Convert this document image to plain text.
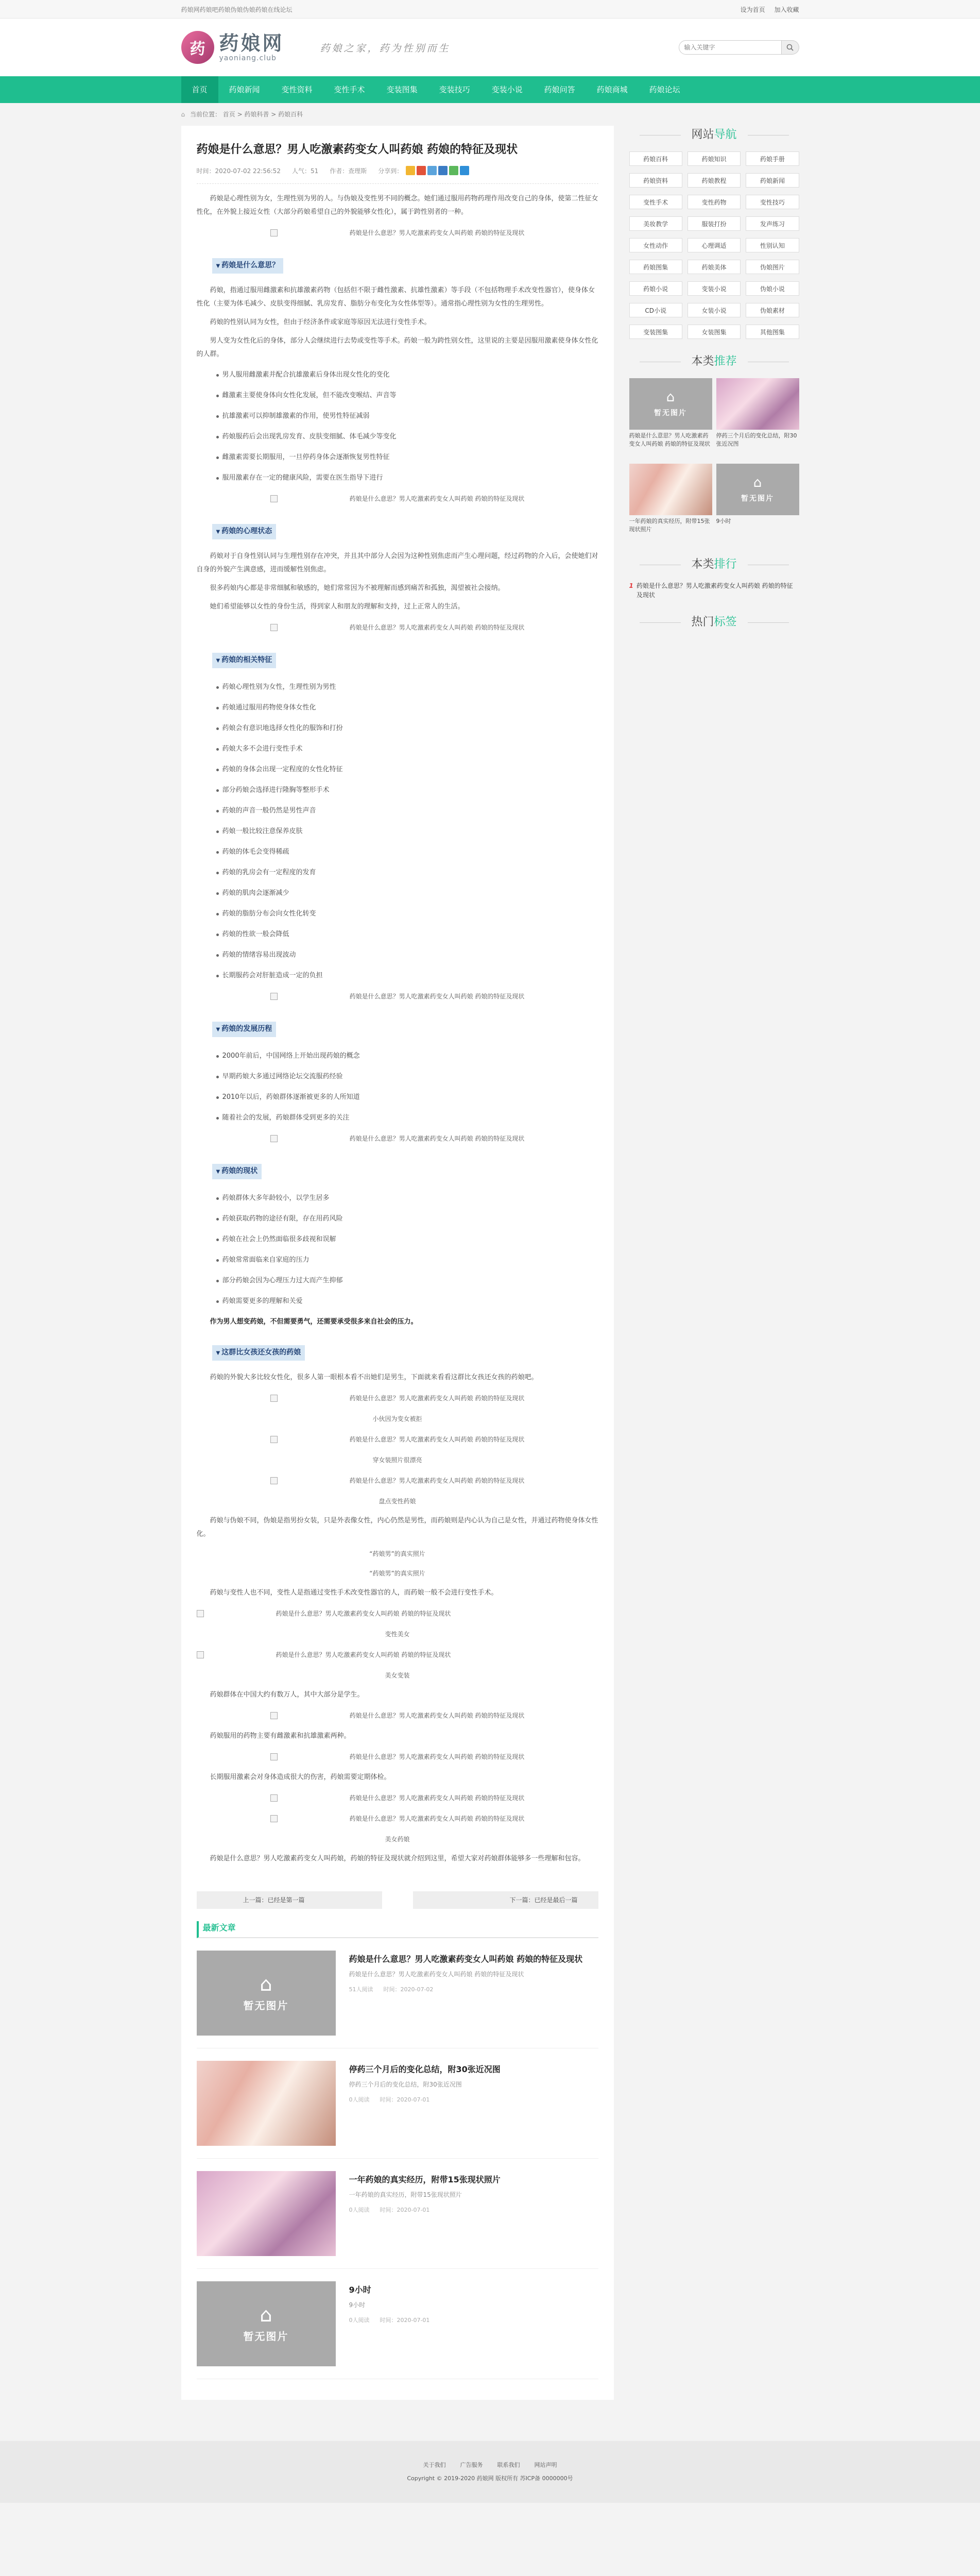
药娘网药娘吧药娘伪娘伪娘药娘在线论坛	设为首页 加入收藏
药 药娘网
yaoniang.club
药娘之家，药为性别而生
输入关键字
首页	药娘新闻	变性资料	变性手术	变装图集	变装技巧	变装小说	药娘问答	药娘商城	药娘论坛
⌂ 当前位置： 首页 > 药娘科普 > 药娘百科
药娘是什么意思？男人吃激素药变女人叫药娘 药娘的特征及现状
时间：2020-07-02 22:56:52 人气：51 作者：查理斯 分享到：

药娘是心理性别为女，生理性别为男的人。与伪娘及变性男不同的概念。她们通过服用药物药理作用改变自己的身体，使第二性征女性化，在外貌上接近女性（大部分药娘希望自己的外貌能够女性化），属于跨性别者的一种。

药娘是什么意思？男人吃激素药变女人叫药娘 药娘的特征及现状
▼ 药娘是什么意思？

药娘，指通过服用雌激素和抗雄激素药物（包括但不限于雌性激素、抗雄性激素）等手段（不包括物理手术改变性器官），使身体女性化（主要为体毛减少、皮肤变得细腻、乳房发育、脂肪分布变化为女性体型等）。通常指心理性别为女性的生理男性。

药娘的性别认同为女性，但由于经济条件或家庭等原因无法进行变性手术。

男人变为女性化后的身体，部分人会继续进行去势或变性等手术。药娘一般为跨性别女性，这里说的主要是因服用激素使身体女性化的人群。

男人服用雌激素并配合抗雄激素后身体出现女性化的变化
雌激素主要使身体向女性化发展，但不能改变喉结、声音等
抗雄激素可以抑制雄激素的作用，使男性特征减弱
药娘服药后会出现乳房发育、皮肤变细腻、体毛减少等变化
雌激素需要长期服用，一旦停药身体会逐渐恢复男性特征
服用激素存在一定的健康风险，需要在医生指导下进行
药娘是什么意思？男人吃激素药变女人叫药娘 药娘的特征及现状
▼ 药娘的心理状态

药娘对于自身性别认同与生理性别存在冲突，并且其中部分人会因为这种性别焦虑而产生心理问题，经过药物的介入后，会使她们对自身的外貌产生满意感，进而缓解性别焦虑。

很多药娘内心都是非常细腻和敏感的，她们常常因为不被理解而感到痛苦和孤独，渴望被社会接纳。

她们希望能够以女性的身份生活，得到家人和朋友的理解和支持，过上正常人的生活。

药娘是什么意思？男人吃激素药变女人叫药娘 药娘的特征及现状
▼ 药娘的相关特征
药娘心理性别为女性，生理性别为男性
药娘通过服用药物使身体女性化
药娘会有意识地选择女性化的服饰和打扮
药娘大多不会进行变性手术
药娘的身体会出现一定程度的女性化特征
部分药娘会选择进行隆胸等整形手术
药娘的声音一般仍然是男性声音
药娘一般比较注意保养皮肤
药娘的体毛会变得稀疏
药娘的乳房会有一定程度的发育
药娘的肌肉会逐渐减少
药娘的脂肪分布会向女性化转变
药娘的性欲一般会降低
药娘的情绪容易出现波动
长期服药会对肝脏造成一定的负担
药娘是什么意思？男人吃激素药变女人叫药娘 药娘的特征及现状
▼ 药娘的发展历程
2000年前后，中国网络上开始出现药娘的概念
早期药娘大多通过网络论坛交流服药经验
2010年以后，药娘群体逐渐被更多的人所知道
随着社会的发展，药娘群体受到更多的关注
药娘是什么意思？男人吃激素药变女人叫药娘 药娘的特征及现状
▼ 药娘的现状
药娘群体大多年龄较小，以学生居多
药娘获取药物的途径有限，存在用药风险
药娘在社会上仍然面临很多歧视和误解
药娘常常面临来自家庭的压力
部分药娘会因为心理压力过大而产生抑郁
药娘需要更多的理解和关爱

作为男人想变药娘，不但需要勇气，还需要承受很多来自社会的压力。

▼ 这群比女孩还女孩的药娘

药娘的外貌大多比较女性化，很多人第一眼根本看不出她们是男生，下面就来看看这群比女孩还女孩的药娘吧。

药娘是什么意思？男人吃激素药变女人叫药娘 药娘的特征及现状
小伙因为变女被拒
药娘是什么意思？男人吃激素药变女人叫药娘 药娘的特征及现状
穿女装照片很漂亮
药娘是什么意思？男人吃激素药变女人叫药娘 药娘的特征及现状
盘点变性药娘

药娘与伪娘不同，伪娘是指男扮女装，只是外表像女性，内心仍然是男性，而药娘则是内心认为自己是女性，并通过药物使身体女性化。

“药娘男”的真实照片
“药娘男”的真实照片

药娘与变性人也不同，变性人是指通过变性手术改变性器官的人，而药娘一般不会进行变性手术。

药娘是什么意思？男人吃激素药变女人叫药娘 药娘的特征及现状
变性美女
药娘是什么意思？男人吃激素药变女人叫药娘 药娘的特征及现状
美女变装

药娘群体在中国大约有数万人，其中大部分是学生。

药娘是什么意思？男人吃激素药变女人叫药娘 药娘的特征及现状

药娘服用的药物主要有雌激素和抗雄激素两种。

药娘是什么意思？男人吃激素药变女人叫药娘 药娘的特征及现状

长期服用激素会对身体造成很大的伤害，药娘需要定期体检。

药娘是什么意思？男人吃激素药变女人叫药娘 药娘的特征及现状
药娘是什么意思？男人吃激素药变女人叫药娘 药娘的特征及现状
美女药娘

药娘是什么意思？男人吃激素药变女人叫药娘，药娘的特征及现状就介绍到这里，希望大家对药娘群体能够多一些理解和包容。

上一篇：已经是第一篇	下一篇：已经是最后一篇
最新文章
⌂
暂无图片
药娘是什么意思？男人吃激素药变女人叫药娘 药娘的特征及现状
药娘是什么意思？男人吃激素药变女人叫药娘 药娘的特征及现状
51人阅读 时间：2020-07-02
停药三个月后的变化总结，附30张近况图
停药三个月后的变化总结，附30张近况图
0人阅读 时间：2020-07-01
一年药娘的真实经历，附带15张现状照片
一年药娘的真实经历，附带15张现状照片
0人阅读 时间：2020-07-01
⌂
暂无图片
9小时
9小时
0人阅读 时间：2020-07-01
网站导航
药娘百科	药娘知识	药娘手册
药娘资料	药娘教程	药娘新闻
变性手术	变性药物	变性技巧
美妆教学	服装打扮	发声练习
女性动作	心理调适	性别认知
药娘图集	药娘美体	伪娘图片
药娘小说	变装小说	伪娘小说
CD小说	女装小说	伪娘素材
变装图集	女装图集	其他图集
本类推荐
⌂
暂无图片
药娘是什么意思？男人吃激素药变女人叫药娘 药娘的特征及现状
停药三个月后的变化总结，附30张近况图
一年药娘的真实经历，附带15张现状照片
⌂
暂无图片
9小时
本类排行
1 药娘是什么意思？男人吃激素药变女人叫药娘 药娘的特征及现状
热门标签
关于我们	广告服务	联系我们	网站声明
Copyright © 2019-2020 药娘网 版权所有 苏ICP备 0000000号
